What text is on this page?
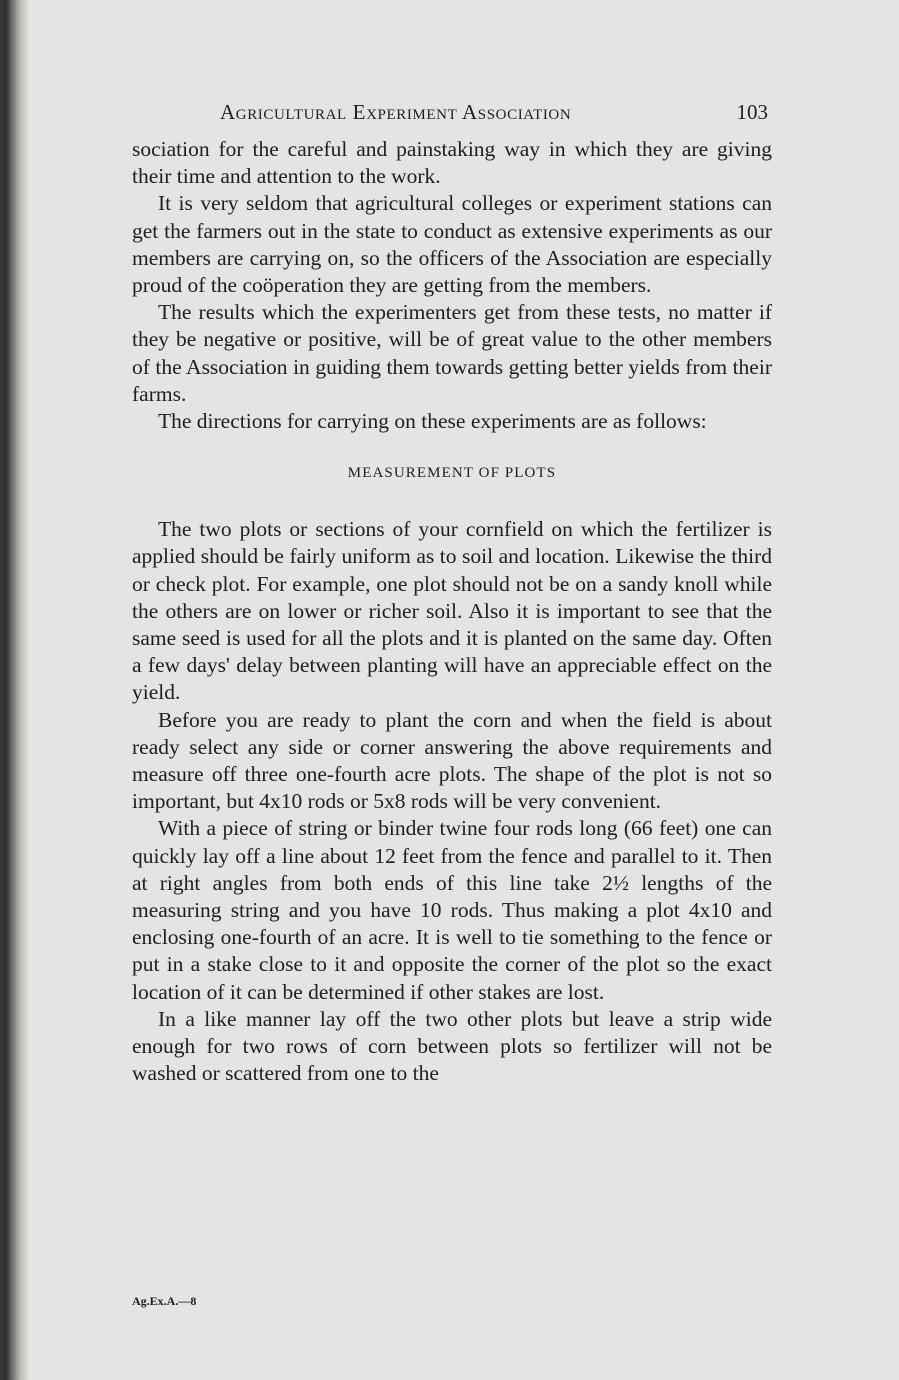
Agricultural Experiment Association	103

sociation for the careful and painstaking way in which they are giving their time and attention to the work.

It is very seldom that agricultural colleges or experiment stations can get the farmers out in the state to conduct as extensive experiments as our members are carrying on, so the officers of the Association are especially proud of the coöperation they are getting from the members.

The results which the experimenters get from these tests, no matter if they be negative or positive, will be of great value to the other members of the Association in guiding them towards getting better yields from their farms.

The directions for carrying on these experiments are as follows:

MEASUREMENT OF PLOTS

The two plots or sections of your cornfield on which the fertilizer is applied should be fairly uniform as to soil and location. Likewise the third or check plot. For example, one plot should not be on a sandy knoll while the others are on lower or richer soil. Also it is important to see that the same seed is used for all the plots and it is planted on the same day. Often a few days' delay between planting will have an appreciable effect on the yield.

Before you are ready to plant the corn and when the field is about ready select any side or corner answering the above requirements and measure off three one-fourth acre plots. The shape of the plot is not so important, but 4x10 rods or 5x8 rods will be very convenient.

With a piece of string or binder twine four rods long (66 feet) one can quickly lay off a line about 12 feet from the fence and parallel to it. Then at right angles from both ends of this line take 2½ lengths of the measuring string and you have 10 rods. Thus making a plot 4x10 and enclosing one-fourth of an acre. It is well to tie something to the fence or put in a stake close to it and opposite the corner of the plot so the exact location of it can be determined if other stakes are lost.

In a like manner lay off the two other plots but leave a strip wide enough for two rows of corn between plots so fertilizer will not be washed or scattered from one to the

Ag.Ex.A.—8
